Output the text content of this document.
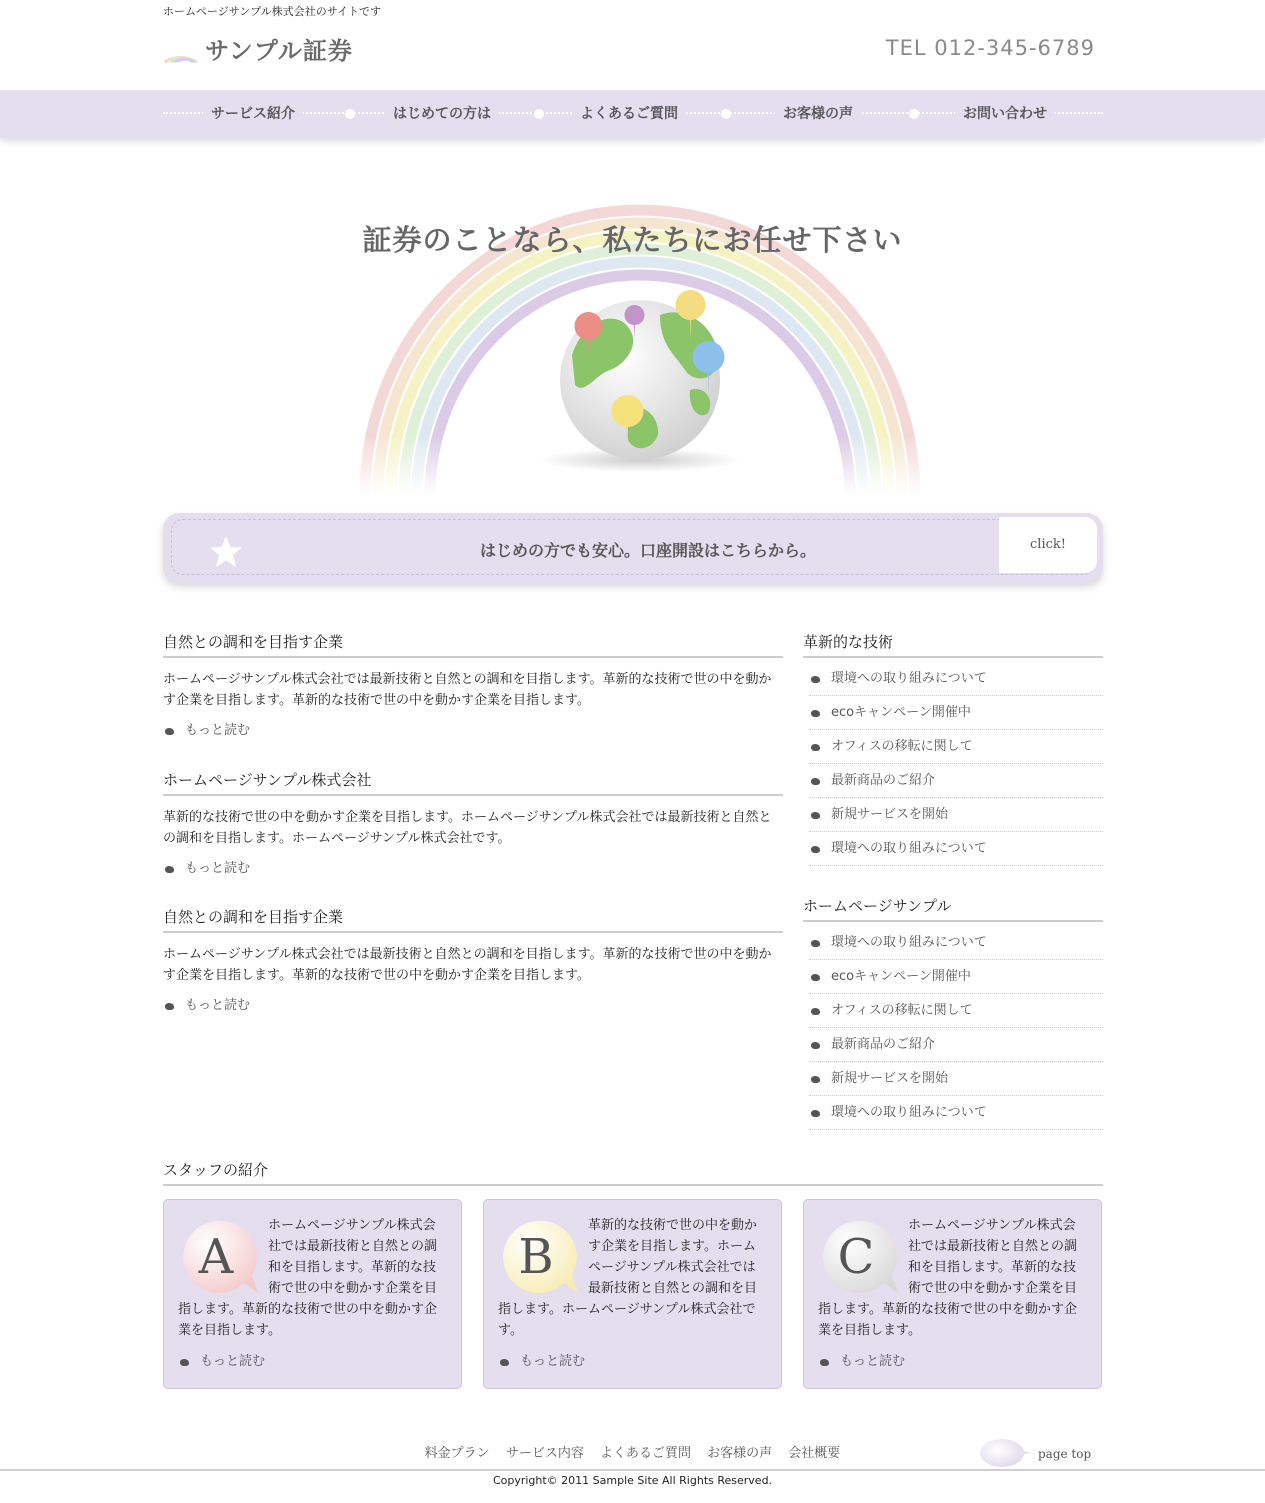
ホームページサンプル株式会社のサイトです
サンプル証券	TEL 012-345-6789
サービス紹介	はじめての方は	よくあるご質問	お客様の声	お問い合わせ
証券のことなら、私たちにお任せ下さい
はじめの方でも安心。口座開設はこちらから。	click!
自然との調和を目指す企業
ホームページサンプル株式会社では最新技術と自然との調和を目指します。革新的な技術で世の中を動かす企業を目指します。革新的な技術で世の中を動かす企業を目指します。
もっと読む
ホームページサンプル株式会社
革新的な技術で世の中を動かす企業を目指します。ホームページサンプル株式会社では最新技術と自然との調和を目指します。ホームページサンプル株式会社です。
もっと読む
自然との調和を目指す企業
ホームページサンプル株式会社では最新技術と自然との調和を目指します。革新的な技術で世の中を動かす企業を目指します。革新的な技術で世の中を動かす企業を目指します。
もっと読む
革新的な技術
環境への取り組みについて
ecoキャンペーン開催中
オフィスの移転に関して
最新商品のご紹介
新規サービスを開始
環境への取り組みについて
ホームページサンプル
環境への取り組みについて
ecoキャンペーン開催中
オフィスの移転に関して
最新商品のご紹介
新規サービスを開始
環境への取り組みについて
スタッフの紹介
A
ホームページサンプル株式会社では最新技術と自然との調和を目指します。革新的な技術で世の中を動かす企業を目指します。革新的な技術で世の中を動かす企業を目指します。
もっと読む
B
革新的な技術で世の中を動かす企業を目指します。ホームページサンプル株式会社では最新技術と自然との調和を目指します。ホームページサンプル株式会社です。
もっと読む
C
ホームページサンプル株式会社では最新技術と自然との調和を目指します。革新的な技術で世の中を動かす企業を目指します。革新的な技術で世の中を動かす企業を目指します。
もっと読む
料金プラン サービス内容 よくあるご質問 お客様の声 会社概要	page top
Copyright© 2011 Sample Site All Rights Reserved.
